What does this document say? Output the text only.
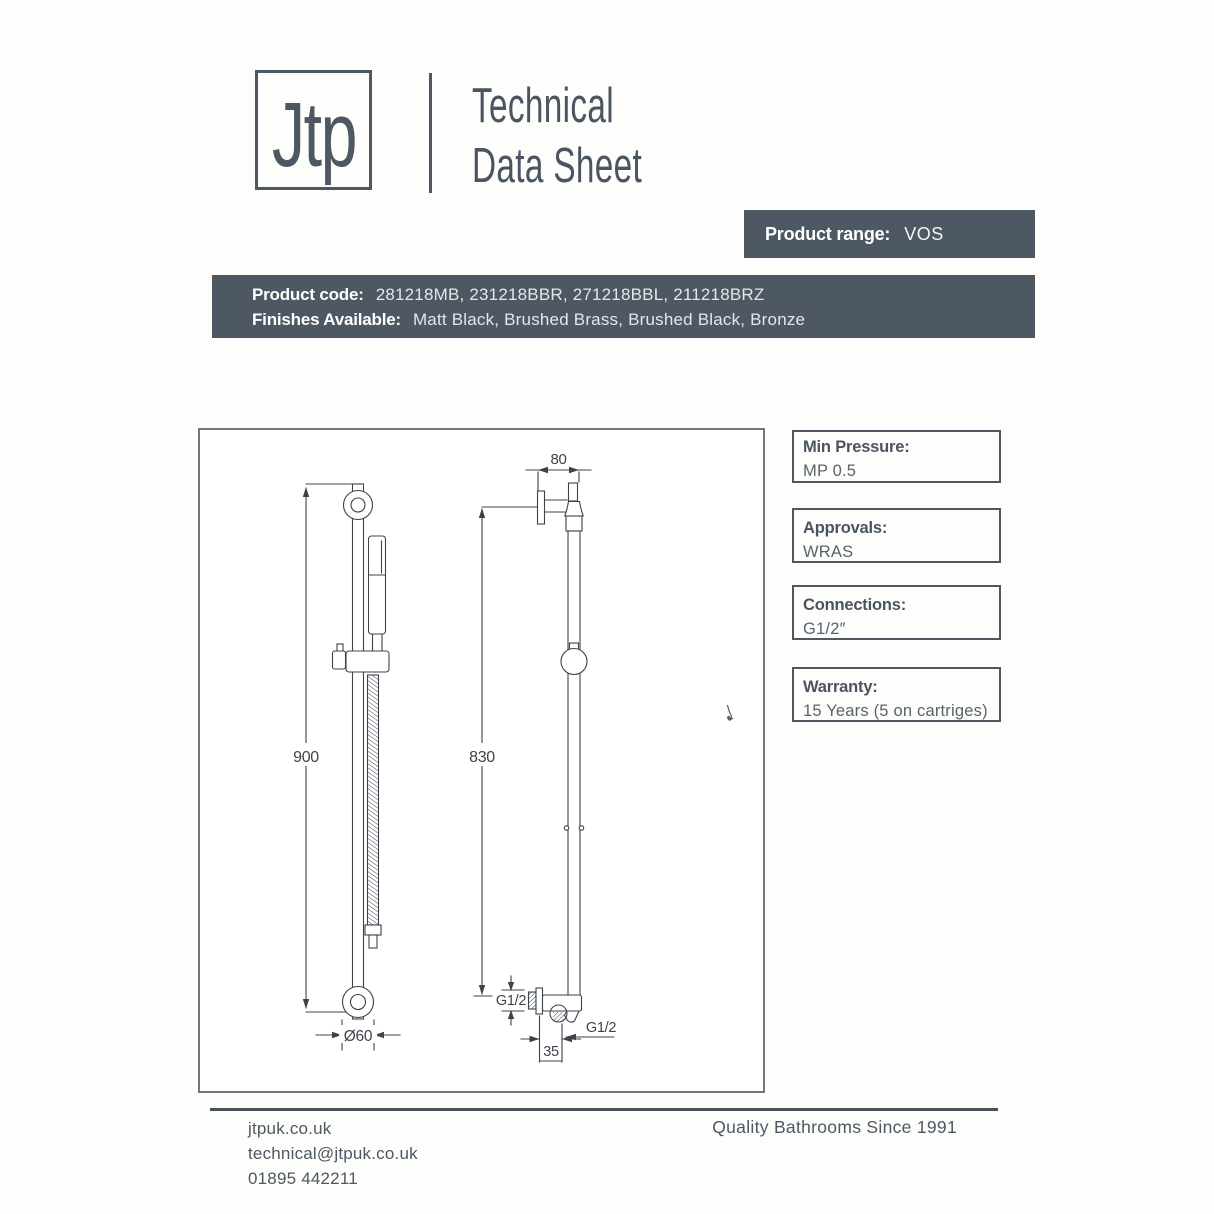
Jtp Technical
Data Sheet
Product range: VOS
Product code: 281218MB, 231218BBR, 271218BBL, 211218BRZ
Finishes Available: Matt Black, Brushed Brass, Brushed Black, Bronze
Min Pressure:
MP 0.5
Approvals:
WRAS
Connections:
G1/2″
Warranty:
15 Years (5 on cartriges)
900
Ø60
80
830
G1/2
G1/2
35
jtpuk.co.uk
technical@jtpuk.co.uk
01895 442211
Quality Bathrooms Since 1991
